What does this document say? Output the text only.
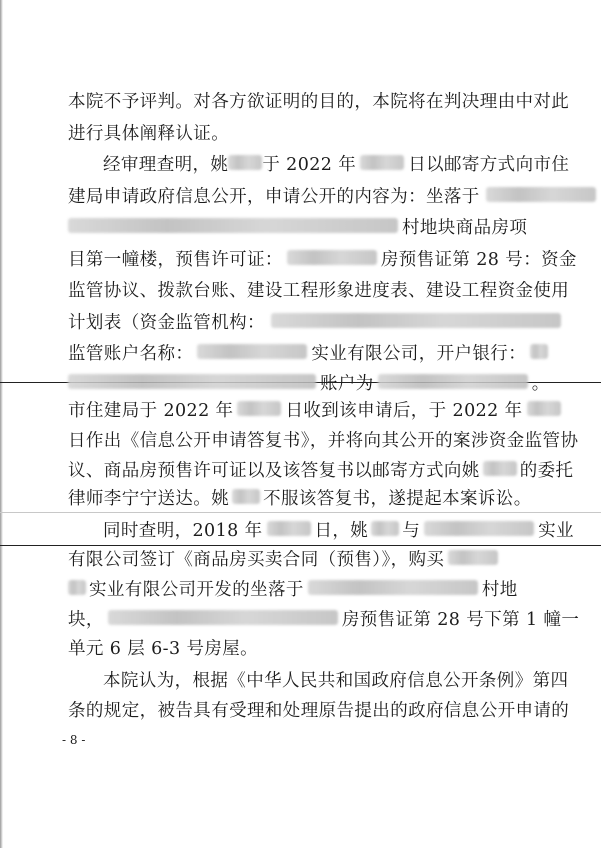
本院不予评判。对各方欲证明的目的，本院将在判决理由中对此
进行具体阐释认证。
经审理查明，姚 于 2022 年	日以邮寄方式向市住
建局申请政府信息公开，申请公开的内容为：坐落于
村地块商品房项
目第一幢楼，预售许可证：	房预售证第 28 号：资金
监管协议、拨款台账、建设工程形象进度表、建设工程资金使用
计划表（资金监管机构：
监管账户名称：	实业有限公司，开户银行：
账户为	。
市住建局于 2022 年	日收到该申请后，于 2022 年
日作出《信息公开申请答复书》，并将向其公开的案涉资金监管协
议、商品房预售许可证以及该答复书以邮寄方式向姚 的委托
律师李宁宁送达。姚 不服该答复书，遂提起本案诉讼。
同时查明，2018 年	日，姚 与	实业
有限公司签订《商品房买卖合同（预售）》，购买
实业有限公司开发的坐落于	村地
块，	房预售证第 28 号下第 1 幢一
单元 6 层 6-3 号房屋。
本院认为，根据《中华人民共和国政府信息公开条例》第四
条的规定，被告具有受理和处理原告提出的政府信息公开申请的
- 8 -
